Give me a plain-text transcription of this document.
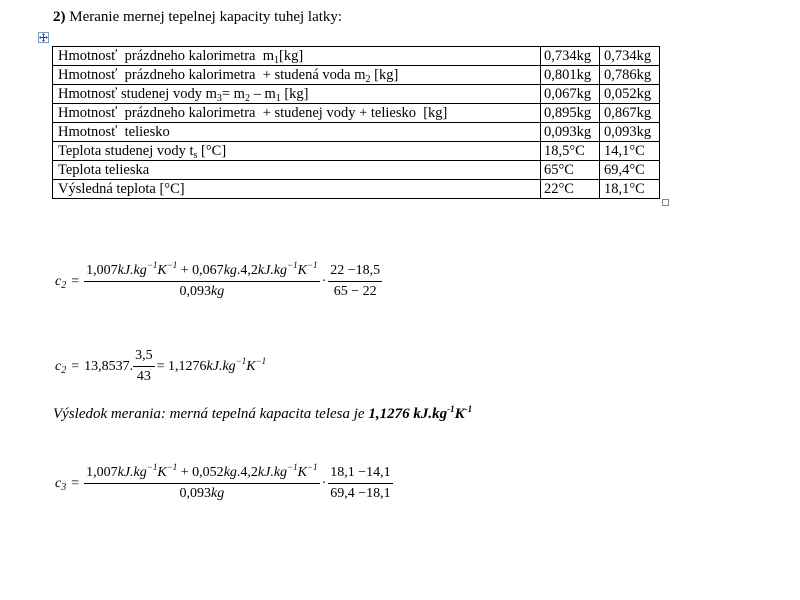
2) Meranie mernej tepelnej kapacity tuhej latky:
Hmotnosť  prázdneho kalorimetra  $m_1[kg]$	0,734kg	0,734kg
Hmotnosť  prázdneho kalorimetra  + studená voda $m_2$ [kg]	0,801kg	0,786kg
Hmotnosť studenej vody $m_3= m_2 - m_1$ [kg]	0,067kg	0,052kg
Hmotnosť  prázdneho kalorimetra  + studenej vody + teliesko  [kg]	0,895kg	0,867kg
Hmotnosť  teliesko	0,093kg	0,093kg
Teplota studenej vody $t_s$ [°C]	18,5°C	14,1°C
Teplota telieska	65°C	69,4°C
Výsledná teplota [°C]	22°C	18,1°C
$c_2 = \frac{1,007kJ.kg^{-1}K^{-1} + 0,067kg.4,2kJ.kg^{-1}K^{-1}}{0,093kg} \cdot \frac{22 -18,5}{65 - 22}$
$c_2 = 13,8537$. $\frac{3,5}{43} = 1,1276kJ.kg^{-1}K^{-1}$
Výsledok merania: merná tepelná kapacita telesa je 1,1276 $kJ.kg^{-1}K^{-1}$
$c_3 = \frac{1,007kJ.kg^{-1}K^{-1} + 0,052kg.4,2kJ.kg^{-1}K^{-1}}{0,093kg} \cdot \frac{18,1 -14,1}{69,4 -18,1}$
